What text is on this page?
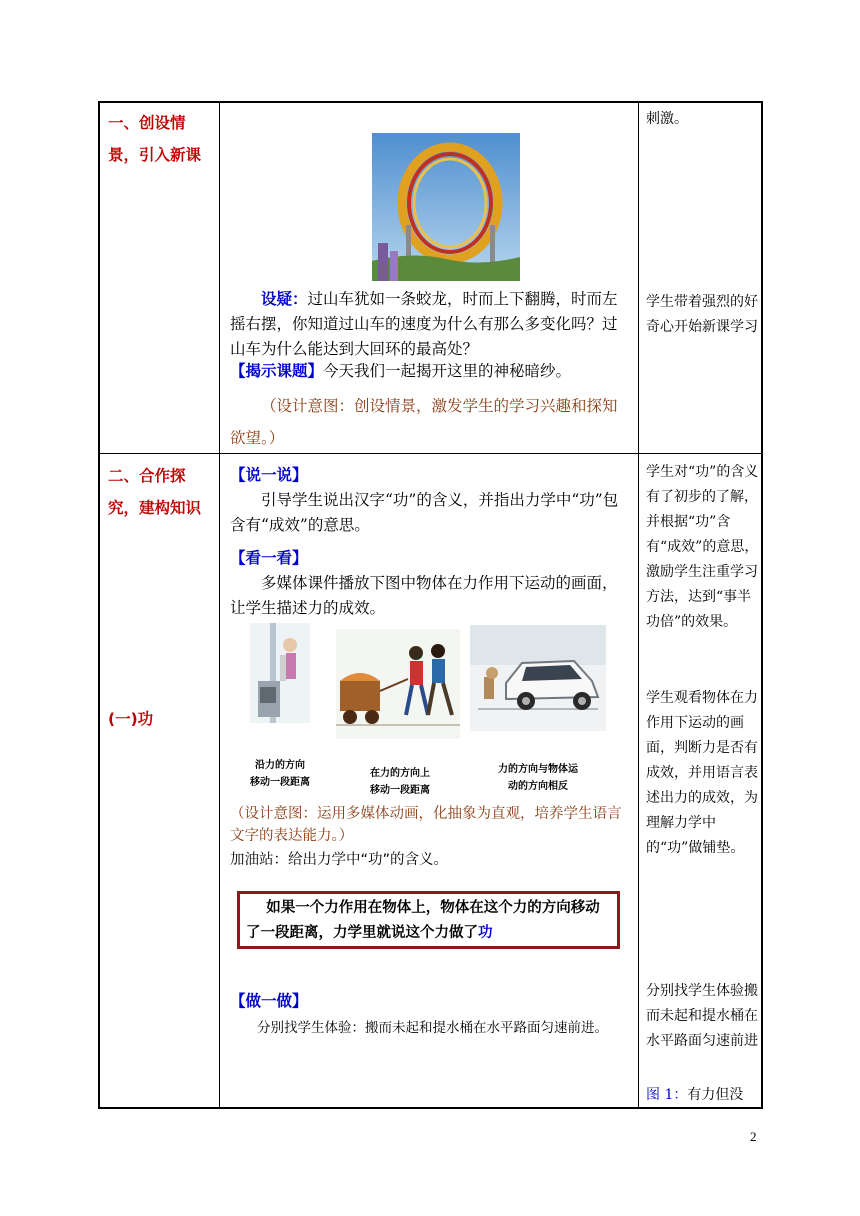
一、创设情景，引入新课
设疑：过山车犹如一条蛟龙，时而上下翻腾，时而左摇右摆，你知道过山车的速度为什么有那么多变化吗？过山车为什么能达到大回环的最高处？
【揭示课题】今天我们一起揭开这里的神秘暗纱。
（设计意图：创设情景，激发学生的学习兴趣和探知欲望。）
刺激。
学生带着强烈的好奇心开始新课学习
二、合作探究，建构知识
(一)功
【说一说】
引导学生说出汉字“功”的含义，并指出力学中“功”包含有“成效”的意思。
【看一看】
多媒体课件播放下图中物体在力作用下运动的画面，让学生描述力的成效。
沿力的方向
移动一段距离
在力的方向上
移动一段距离
力的方向与物体运
动的方向相反
（设计意图：运用多媒体动画，化抽象为直观，培养学生语言文字的表达能力。）
加油站：给出力学中“功”的含义。
如果一个力作用在物体上，物体在这个力的方向移动了一段距离，力学里就说这个力做了功
【做一做】
分别找学生体验：搬而未起和提水桶在水平路面匀速前进。
学生对“功”的含义有了初步的了解，并根据“功”含有“成效”的意思，激励学生注重学习方法，达到“事半功倍”的效果。
学生观看物体在力作用下运动的画面，判断力是否有成效，并用语言表述出力的成效，为理解力学中的“功”做铺垫。
分别找学生体验搬而未起和提水桶在水平路面匀速前进
图 1：有力但没
2
